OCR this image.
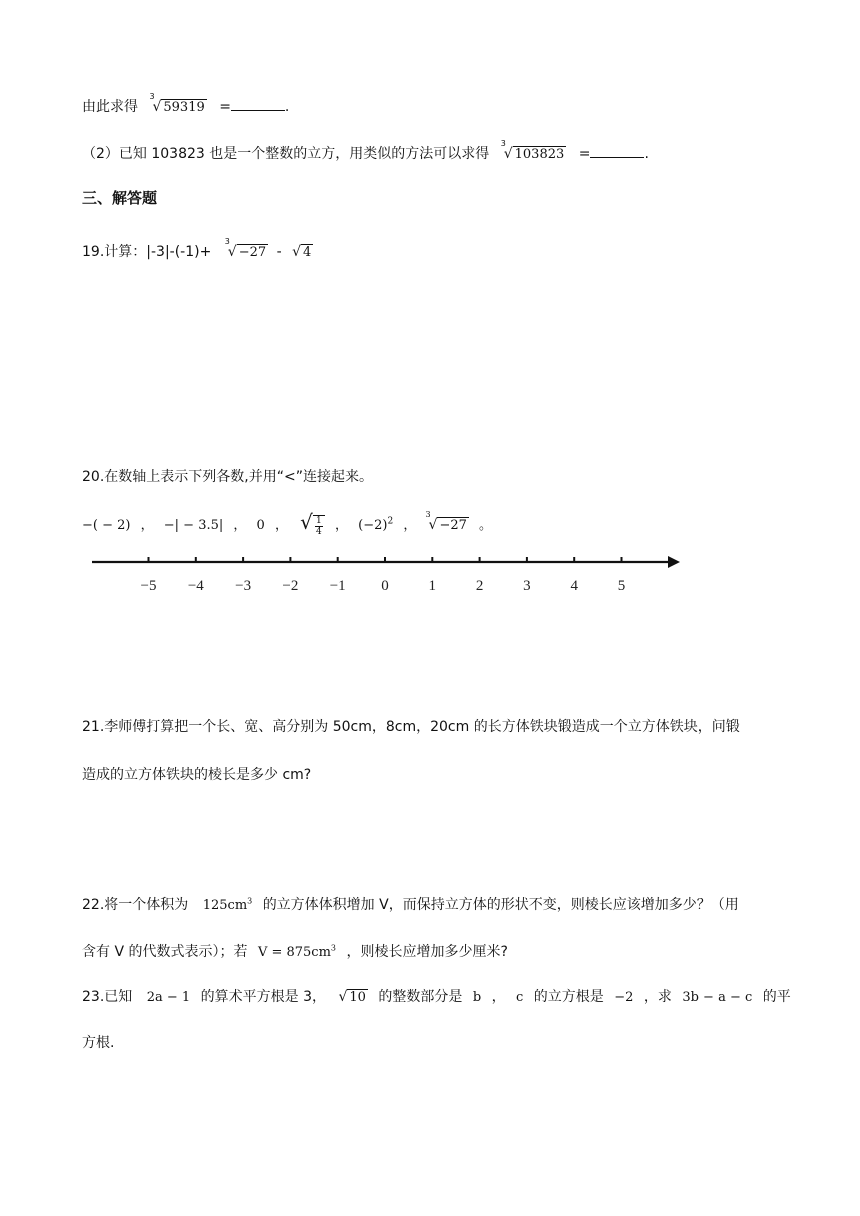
由此求得
3
√ 59319 =	.
（2）已知 103823 也是一个整数的立方，用类似的方法可以求得
3
√ 103823 =	.
三、解答题
19.计算：|-3|-(-1)+
3
√ −27 - √ 4
20.在数轴上表示下列各数,并用“<”连接起来。
−( − 2) ， −| − 3.5| ， 0 ， √ $\frac{1}{4}$ ， $(-2)^2$ ，
3
√ −27 。
−5 −4 −3 −2 −1 0	1	2	3	4	5
21.李师傅打算把一个长、宽、高分别为 50cm，8cm，20cm 的长方体铁块锻造成一个立方体铁块，问锻
造成的立方体铁块的棱长是多少 cm?
22.将一个体积为 $125cm^3$ 的立方体体积增加 V，而保持立方体的形状不变，则棱长应该增加多少？（用
含有 V 的代数式表示）；若 $V = 875cm^3$ ，则棱长应增加多少厘米?
23.已知 2a − 1 的算术平方根是 3， √ 10 的整数部分是 b ， c 的立方根是 −2 ，求 3b − a − c 的平
方根.
